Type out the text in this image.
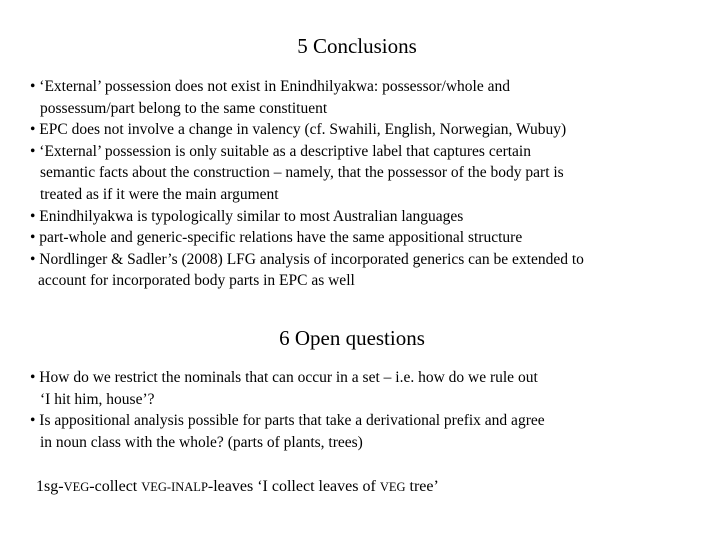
5 Conclusions
• ‘External’ possession does not exist in Enindhilyakwa: possessor/whole and
possessum/part belong to the same constituent
• EPC does not involve a change in valency (cf. Swahili, English, Norwegian, Wubuy)
• ‘External’ possession is only suitable as a descriptive label that captures certain
semantic facts about the construction – namely, that the possessor of the body part is
treated as if it were the main argument
• Enindhilyakwa is typologically similar to most Australian languages
• part-whole and generic-specific relations have the same appositional structure
• Nordlinger & Sadler’s (2008) LFG analysis of incorporated generics can be extended to
account for incorporated body parts in EPC as well
6 Open questions
• How do we restrict the nominals that can occur in a set – i.e. how do we rule out
‘I hit him, house’?
• Is appositional analysis possible for parts that take a derivational prefix and agree
in noun class with the whole? (parts of plants, trees)
1sg-VEG-collect VEG-INALP-leaves ‘I collect leaves of VEG tree’
